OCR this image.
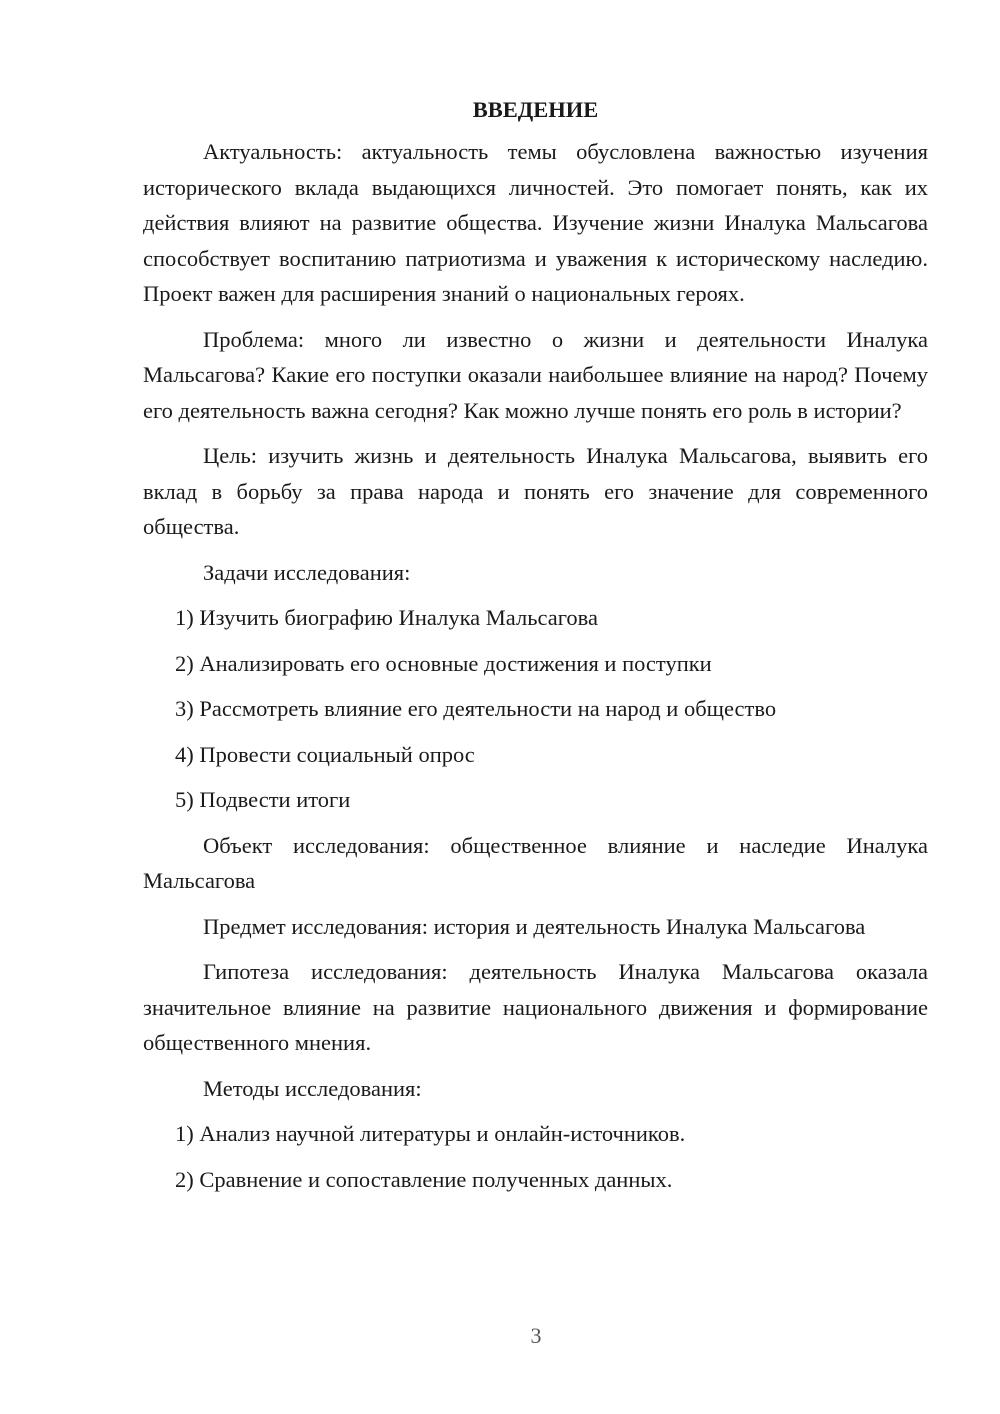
ВВЕДЕНИЕ
Актуальность: актуальность темы обусловлена важностью изучения исторического вклада выдающихся личностей. Это помогает понять, как их действия влияют на развитие общества. Изучение жизни Иналука Мальсагова способствует воспитанию патриотизма и уважения к историческому наследию. Проект важен для расширения знаний о национальных героях.
Проблема: много ли известно о жизни и деятельности Иналука Мальсагова? Какие его поступки оказали наибольшее влияние на народ? Почему его деятельность важна сегодня? Как можно лучше понять его роль в истории?
Цель: изучить жизнь и деятельность Иналука Мальсагова, выявить его вклад в борьбу за права народа и понять его значение для современного общества.
Задачи исследования:
1) Изучить биографию Иналука Мальсагова
2) Анализировать его основные достижения и поступки
3) Рассмотреть влияние его деятельности на народ и общество
4) Провести социальный опрос
5) Подвести итоги
Объект исследования: общественное влияние и наследие Иналука Мальсагова
Предмет исследования: история и деятельность Иналука Мальсагова
Гипотеза исследования: деятельность Иналука Мальсагова оказала значительное влияние на развитие национального движения и формирование общественного мнения.
Методы исследования:
1) Анализ научной литературы и онлайн-источников.
2) Сравнение и сопоставление полученных данных.
3
